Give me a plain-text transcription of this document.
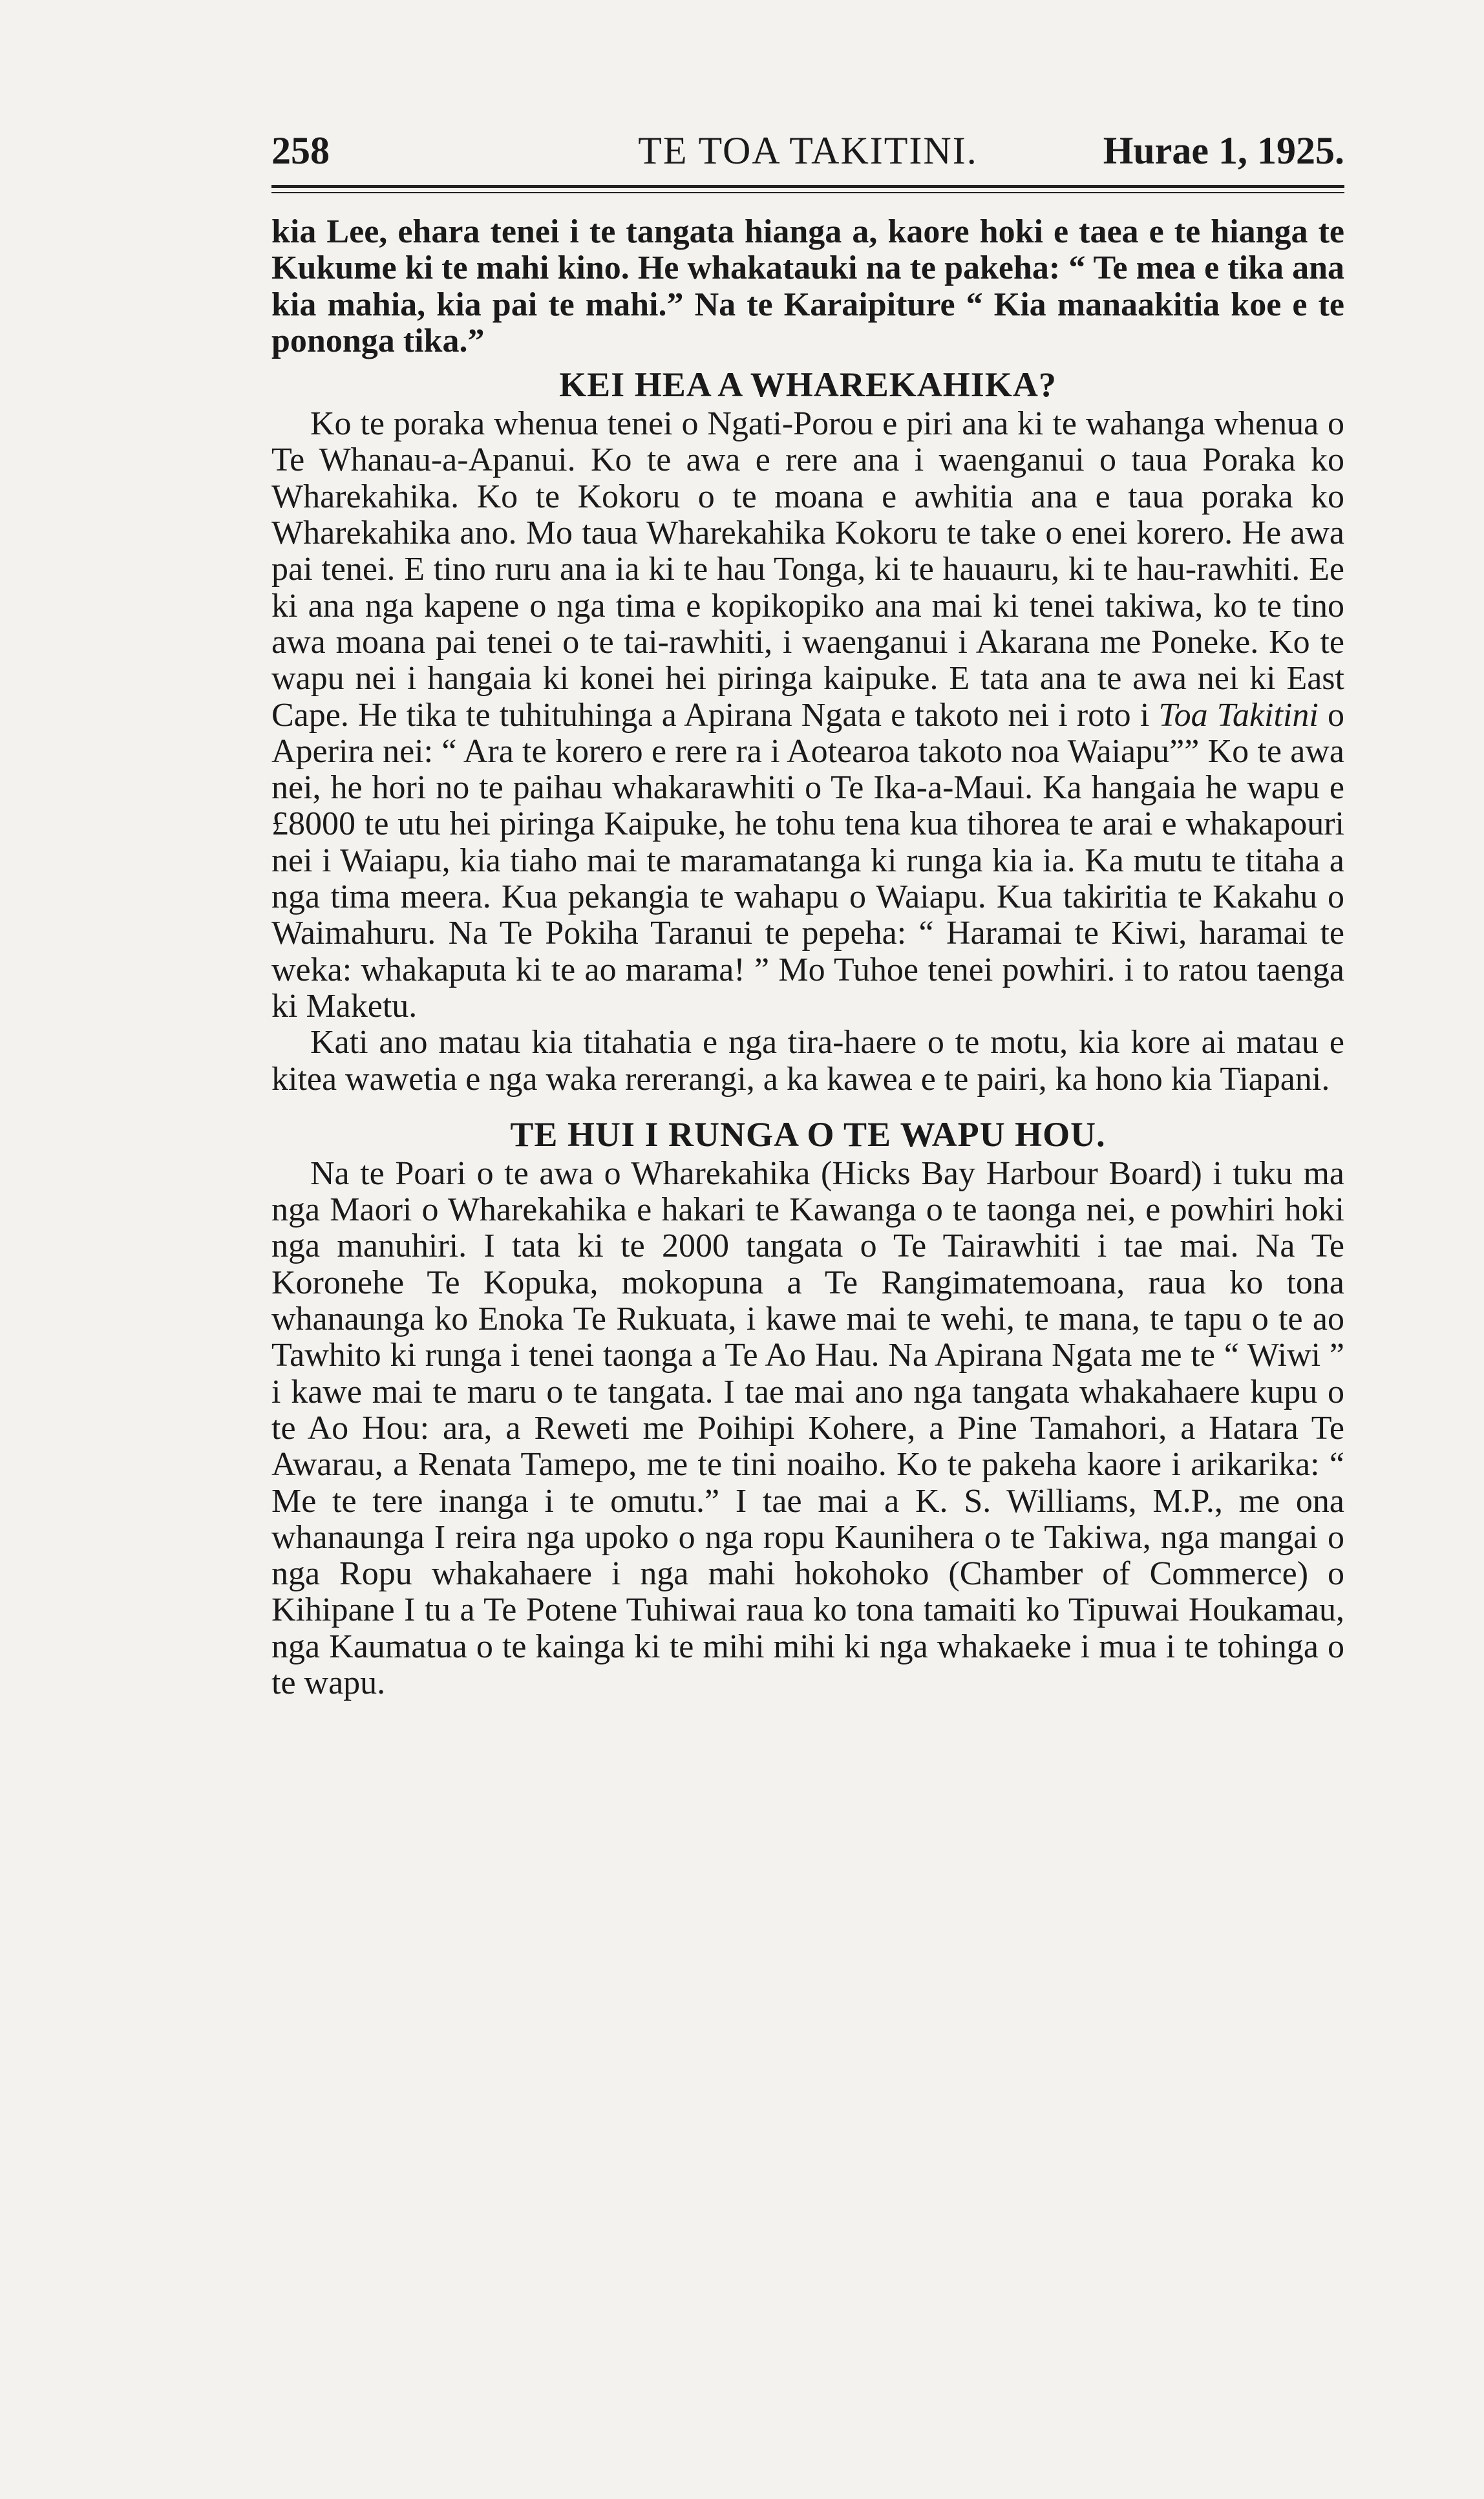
258	TE TOA TAKITINI.	Hurae 1, 1925.

kia Lee, ehara tenei i te tangata hianga a, kaore hoki e taea e te hianga te Kukume ki te mahi kino. He whakatauki na te pakeha: “ Te mea e tika ana kia mahia, kia pai te mahi.” Na te Karaipiture “ Kia manaakitia koe e te pononga tika.”

KEI HEA A WHAREKAHIKA?

Ko te poraka whenua tenei o Ngati-Porou e piri ana ki te wahanga whenua o Te Whanau-a-Apanui. Ko te awa e rere ana i waenganui o taua Poraka ko Wharekahika. Ko te Kokoru o te moana e awhitia ana e taua poraka ko Wharekahika ano. Mo taua Wharekahika Kokoru te take o enei korero. He awa pai tenei. E tino ruru ana ia ki te hau Tonga, ki te hauauru, ki te hau-rawhiti. Ee ki ana nga kapene o nga tima e kopikopiko ana mai ki tenei takiwa, ko te tino awa moana pai tenei o te tai-rawhiti, i waenganui i Akarana me Poneke. Ko te wapu nei i hangaia ki konei hei piringa kaipuke. E tata ana te awa nei ki East Cape. He tika te tuhituhinga a Apirana Ngata e takoto nei i roto i Toa Takitini o Aperira nei: “ Ara te korero e rere ra i Aotearoa takoto noa Waiapu”” Ko te awa nei, he hori no te paihau whakarawhiti o Te Ika-a-Maui. Ka hangaia he wapu e £8000 te utu hei piringa Kaipuke, he tohu tena kua tihorea te arai e whakapouri nei i Waiapu, kia tiaho mai te maramatanga ki runga kia ia. Ka mutu te titaha a nga tima meera. Kua pekangia te wahapu o Waiapu. Kua takiritia te Kakahu o Waimahuru. Na Te Pokiha Taranui te pepeha: “ Haramai te Kiwi, haramai te weka: whakaputa ki te ao marama! ” Mo Tuhoe tenei powhiri. i to ratou taenga ki Maketu.

Kati ano matau kia titahatia e nga tira-haere o te motu, kia kore ai matau e kitea wawetia e nga waka rererangi, a ka kawea e te pairi, ka hono kia Tiapani.

TE HUI I RUNGA O TE WAPU HOU.

Na te Poari o te awa o Wharekahika (Hicks Bay Harbour Board) i tuku ma nga Maori o Wharekahika e hakari te Kawanga o te taonga nei, e powhiri hoki nga manuhiri. I tata ki te 2000 tangata o Te Tairawhiti i tae mai. Na Te Koronehe Te Kopuka, mokopuna a Te Rangimatemoana, raua ko tona whanaunga ko Enoka Te Rukuata, i kawe mai te wehi, te mana, te tapu o te ao Tawhito ki runga i tenei taonga a Te Ao Hau. Na Apirana Ngata me te “ Wiwi ” i kawe mai te maru o te tangata. I tae mai ano nga tangata whakahaere kupu o te Ao Hou: ara, a Reweti me Poihipi Kohere, a Pine Tamahori, a Hatara Te Awarau, a Renata Tamepo, me te tini noaiho. Ko te pakeha kaore i arikarika: “ Me te tere inanga i te omutu.” I tae mai a K. S. Williams, M.P., me ona whanaunga I reira nga upoko o nga ropu Kaunihera o te Takiwa, nga mangai o nga Ropu whakahaere i nga mahi hokohoko (Chamber of Commerce) o Kihipane I tu a Te Potene Tuhiwai raua ko tona tamaiti ko Tipuwai Houkamau, nga Kaumatua o te kainga ki te mihi mihi ki nga whakaeke i mua i te tohinga o te wapu.
